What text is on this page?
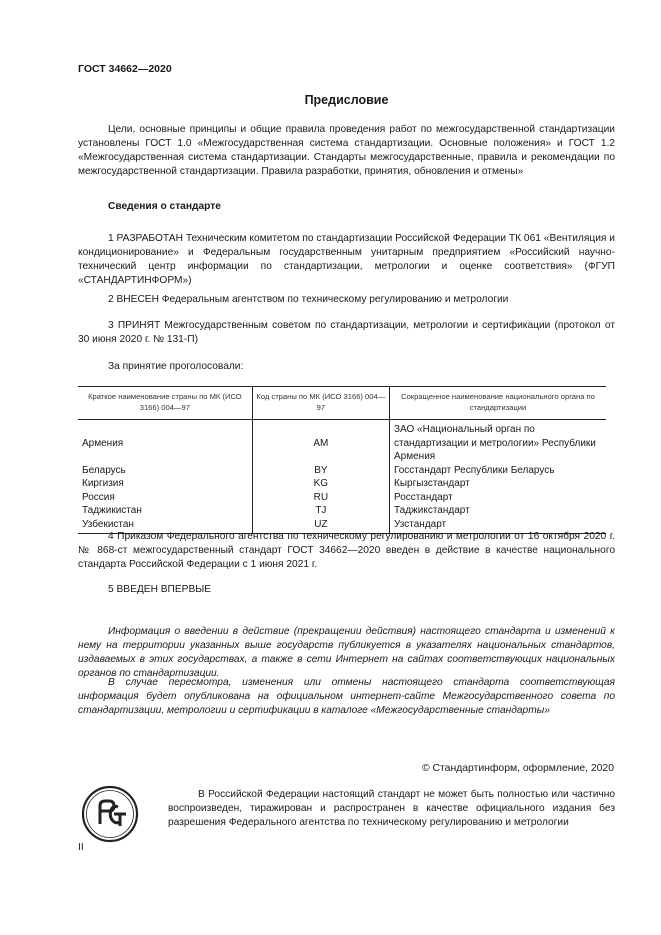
ГОСТ 34662—2020
Предисловие
Цели, основные принципы и общие правила проведения работ по межгосударственной стандартизации установлены ГОСТ 1.0 «Межгосударственная система стандартизации. Основные положения» и ГОСТ 1.2 «Межгосударственная система стандартизации. Стандарты межгосударственные, правила и рекомендации по межгосударственной стандартизации. Правила разработки, принятия, обновления и отмены»
Сведения о стандарте
1 РАЗРАБОТАН Техническим комитетом по стандартизации Российской Федерации ТК 061 «Вентиляция и кондиционирование» и Федеральным государственным унитарным предприятием «Российский научно-технический центр информации по стандартизации, метрологии и оценке соответствия» (ФГУП «СТАНДАРТИНФОРМ»)
2 ВНЕСЕН Федеральным агентством по техническому регулированию и метрологии
3 ПРИНЯТ Межгосударственным советом по стандартизации, метрологии и сертификации (протокол от 30 июня 2020 г. № 131-П)
За принятие проголосовали:
Краткое наименование страны по МК (ИСО 3166) 004—97	Код страны по МК (ИСО 3166) 004—97	Сокращенное наименование национального органа по стандартизации
Армения	AM	ЗАО «Национальный орган по стандартизации и метрологии» Республики Армения
Беларусь	BY	Госстандарт Республики Беларусь
Киргизия	KG	Кыргызстандарт
Россия	RU	Росстандарт
Таджикистан	TJ	Таджикстандарт
Узбекистан	UZ	Узстандарт
4 Приказом Федерального агентства по техническому регулированию и метрологии от 16 октября 2020 г. № 868-ст межгосударственный стандарт ГОСТ 34662—2020 введен в действие в качестве национального стандарта Российской Федерации с 1 июня 2021 г.
5 ВВЕДЕН ВПЕРВЫЕ
Информация о введении в действие (прекращении действия) настоящего стандарта и изменений к нему на территории указанных выше государств публикуется в указателях национальных стандартов, издаваемых в этих государствах, а также в сети Интернет на сайтах соответствующих национальных органов по стандартизации.
В случае пересмотра, изменения или отмены настоящего стандарта соответствующая информация будет опубликована на официальном интернет-сайте Межгосударственного совета по стандартизации, метрологии и сертификации в каталоге «Межгосударственные стандарты»
© Стандартинформ, оформление, 2020
В Российской Федерации настоящий стандарт не может быть полностью или частично воспроизведен, тиражирован и распространен в качестве официального издания без разрешения Федерального агентства по техническому регулированию и метрологии
II
